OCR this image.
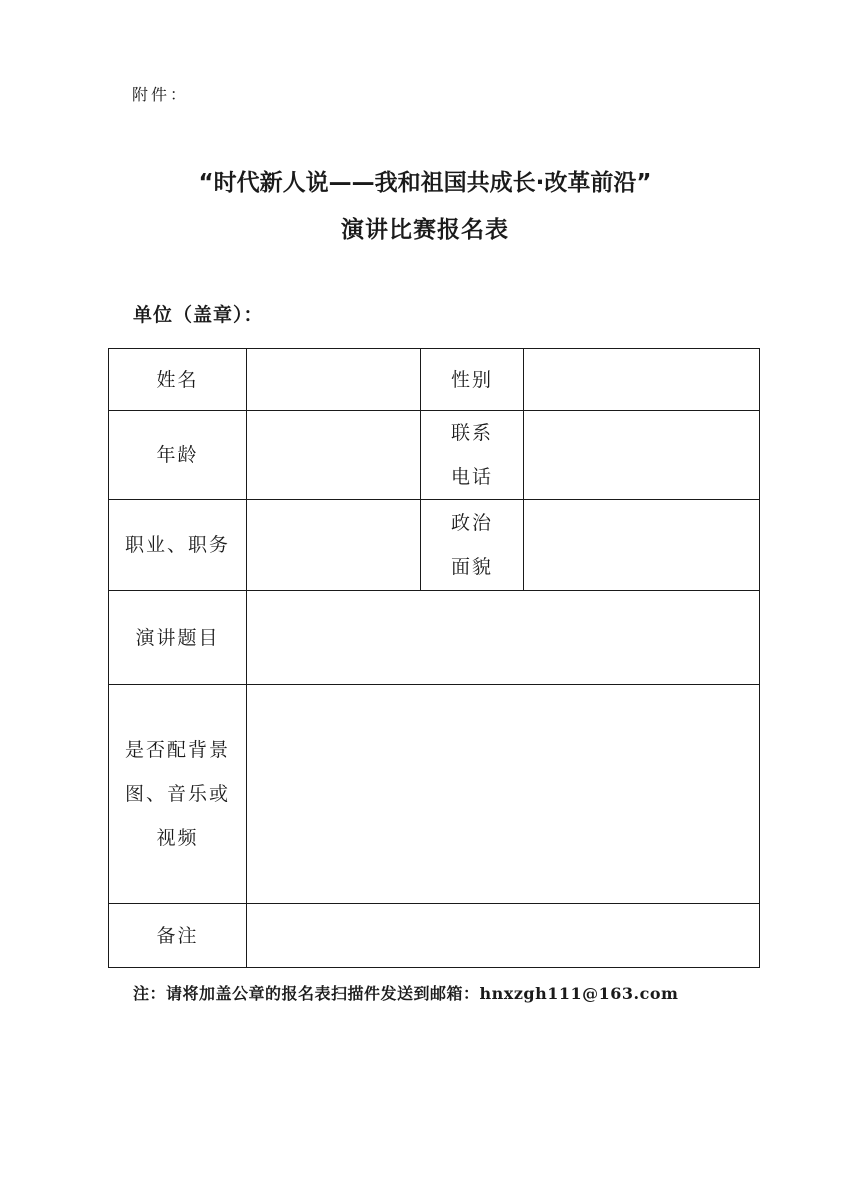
附件：
“时代新人说——我和祖国共成长·改革前沿”
演讲比赛报名表
单位（盖章）：
姓名		性别	
年龄		联系
电话	
职业、职务		政治
面貌	
演讲题目			
是否配背景
图、音乐或
视频			
备注			
注：请将加盖公章的报名表扫描件发送到邮箱：hnxzgh111@163.com
